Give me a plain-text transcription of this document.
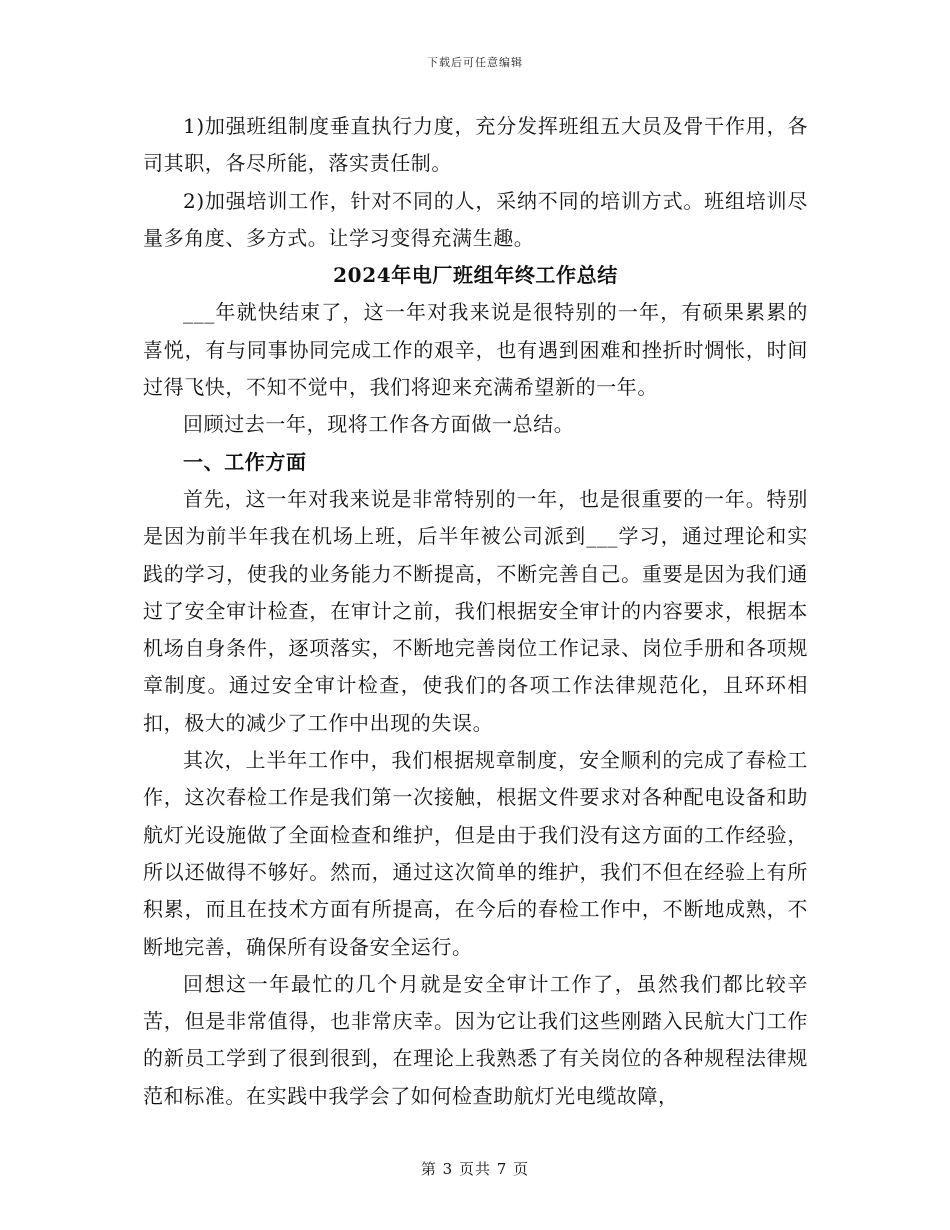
下载后可任意编辑

1)加强班组制度垂直执行力度，充分发挥班组五大员及骨干作用，各司其职，各尽所能，落实责任制。

2)加强培训工作，针对不同的人，采纳不同的培训方式。班组培训尽量多角度、多方式。让学习变得充满生趣。

2024年电厂班组年终工作总结

___年就快结束了，这一年对我来说是很特别的一年，有硕果累累的喜悦，有与同事协同完成工作的艰辛，也有遇到困难和挫折时惆怅，时间过得飞快，不知不觉中，我们将迎来充满希望新的一年。

回顾过去一年，现将工作各方面做一总结。

一、工作方面

首先，这一年对我来说是非常特别的一年，也是很重要的一年。特别是因为前半年我在机场上班，后半年被公司派到___学习，通过理论和实践的学习，使我的业务能力不断提高，不断完善自己。重要是因为我们通过了安全审计检查，在审计之前，我们根据安全审计的内容要求，根据本机场自身条件，逐项落实，不断地完善岗位工作记录、岗位手册和各项规章制度。通过安全审计检查，使我们的各项工作法律规范化，且环环相扣，极大的减少了工作中出现的失误。

其次，上半年工作中，我们根据规章制度，安全顺利的完成了春检工作，这次春检工作是我们第一次接触，根据文件要求对各种配电设备和助航灯光设施做了全面检查和维护，但是由于我们没有这方面的工作经验，所以还做得不够好。然而，通过这次简单的维护，我们不但在经验上有所积累，而且在技术方面有所提高，在今后的春检工作中，不断地成熟，不断地完善，确保所有设备安全运行。

回想这一年最忙的几个月就是安全审计工作了，虽然我们都比较辛苦，但是非常值得，也非常庆幸。因为它让我们这些刚踏入民航大门工作的新员工学到了很到很到，在理论上我熟悉了有关岗位的各种规程法律规范和标准。在实践中我学会了如何检查助航灯光电缆故障，

第 3 页共 7 页
